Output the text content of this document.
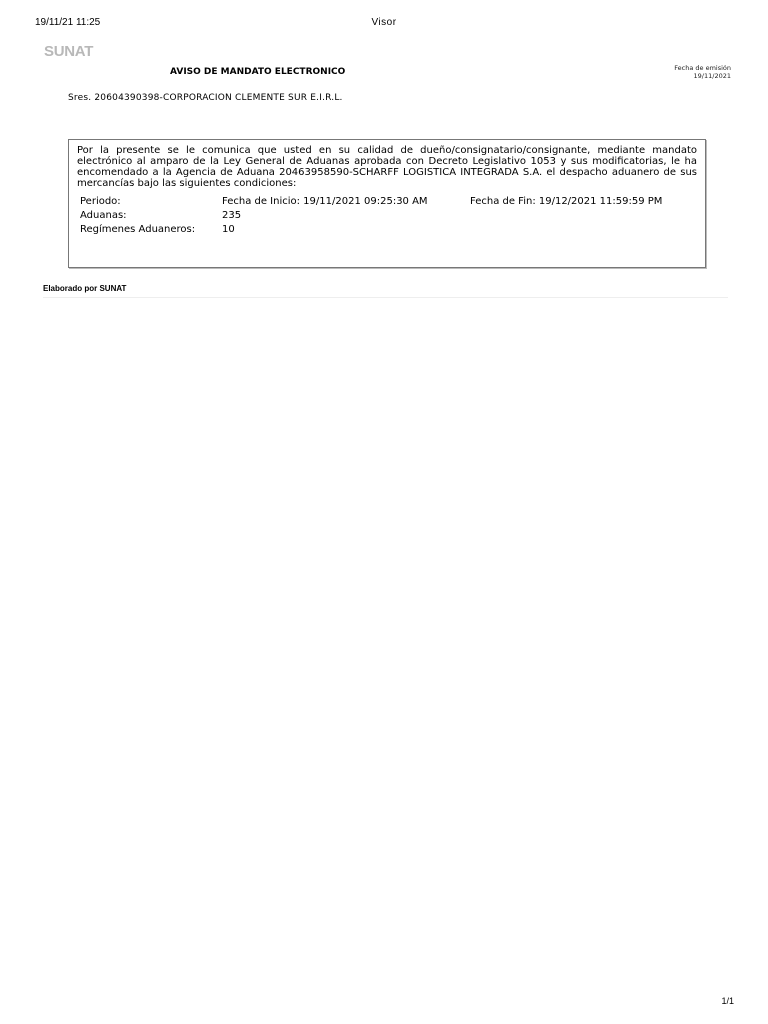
19/11/21 11:25	Visor
SUNAT
AVISO DE MANDATO ELECTRONICO	Fecha de emisión
19/11/2021
Sres. 20604390398-CORPORACION CLEMENTE SUR E.I.R.L.

Por la presente se le comunica que usted en su calidad de dueño/consignatario/consignante, mediante mandato electrónico al amparo de la Ley General de Aduanas aprobada con Decreto Legislativo 1053 y sus modificatorias, le ha encomendado a la Agencia de Aduana 20463958590-SCHARFF LOGISTICA INTEGRADA S.A. el despacho aduanero de sus mercancías bajo las siguientes condiciones:

Periodo:	Fecha de Inicio: 19/11/2021 09:25:30 AM	Fecha de Fin: 19/12/2021 11:59:59 PM
Aduanas:	235
Regímenes Aduaneros:	10
Elaborado por SUNAT
1/1
